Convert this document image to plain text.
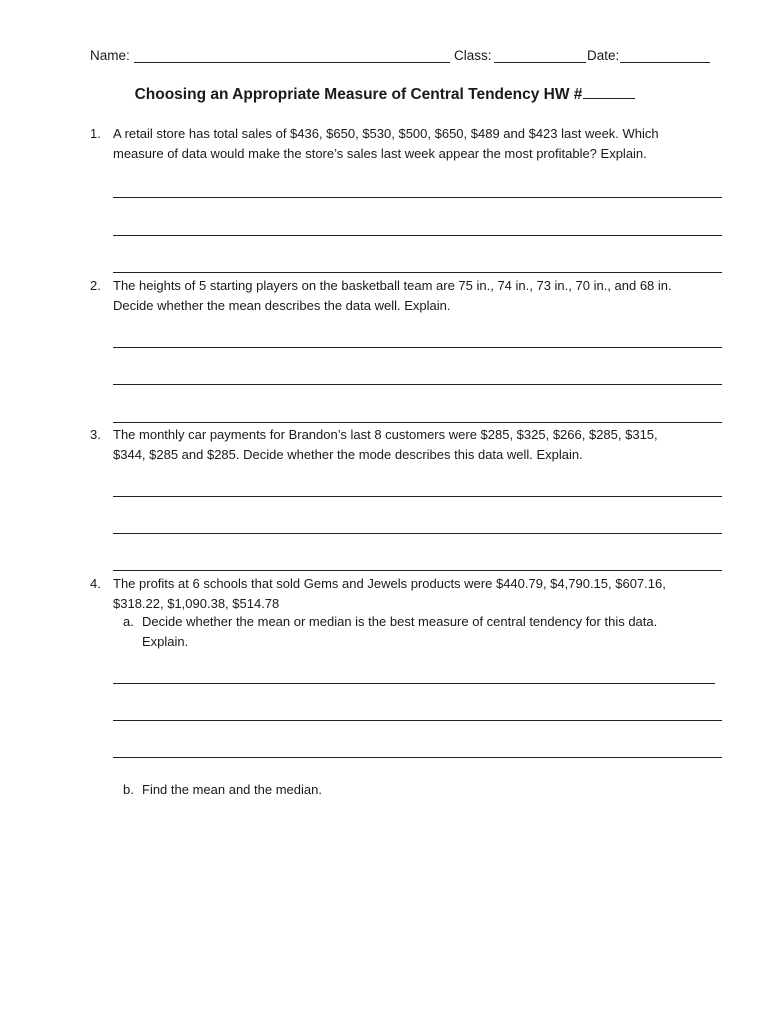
Name:	Class:	Date:
Choosing an Appropriate Measure of Central Tendency HW #
1. A retail store has total sales of $436, $650, $530, $500, $650, $489 and $423 last week. Which
measure of data would make the store’s sales last week appear the most profitable? Explain.
2. The heights of 5 starting players on the basketball team are 75 in., 74 in., 73 in., 70 in., and 68 in.
Decide whether the mean describes the data well. Explain.
3. The monthly car payments for Brandon’s last 8 customers were $285, $325, $266, $285, $315,
$344, $285 and $285. Decide whether the mode describes this data well. Explain.
4. The profits at 6 schools that sold Gems and Jewels products were $440.79, $4,790.15, $607.16,
$318.22, $1,090.38, $514.78
a. Decide whether the mean or median is the best measure of central tendency for this data.
Explain.
b. Find the mean and the median.
